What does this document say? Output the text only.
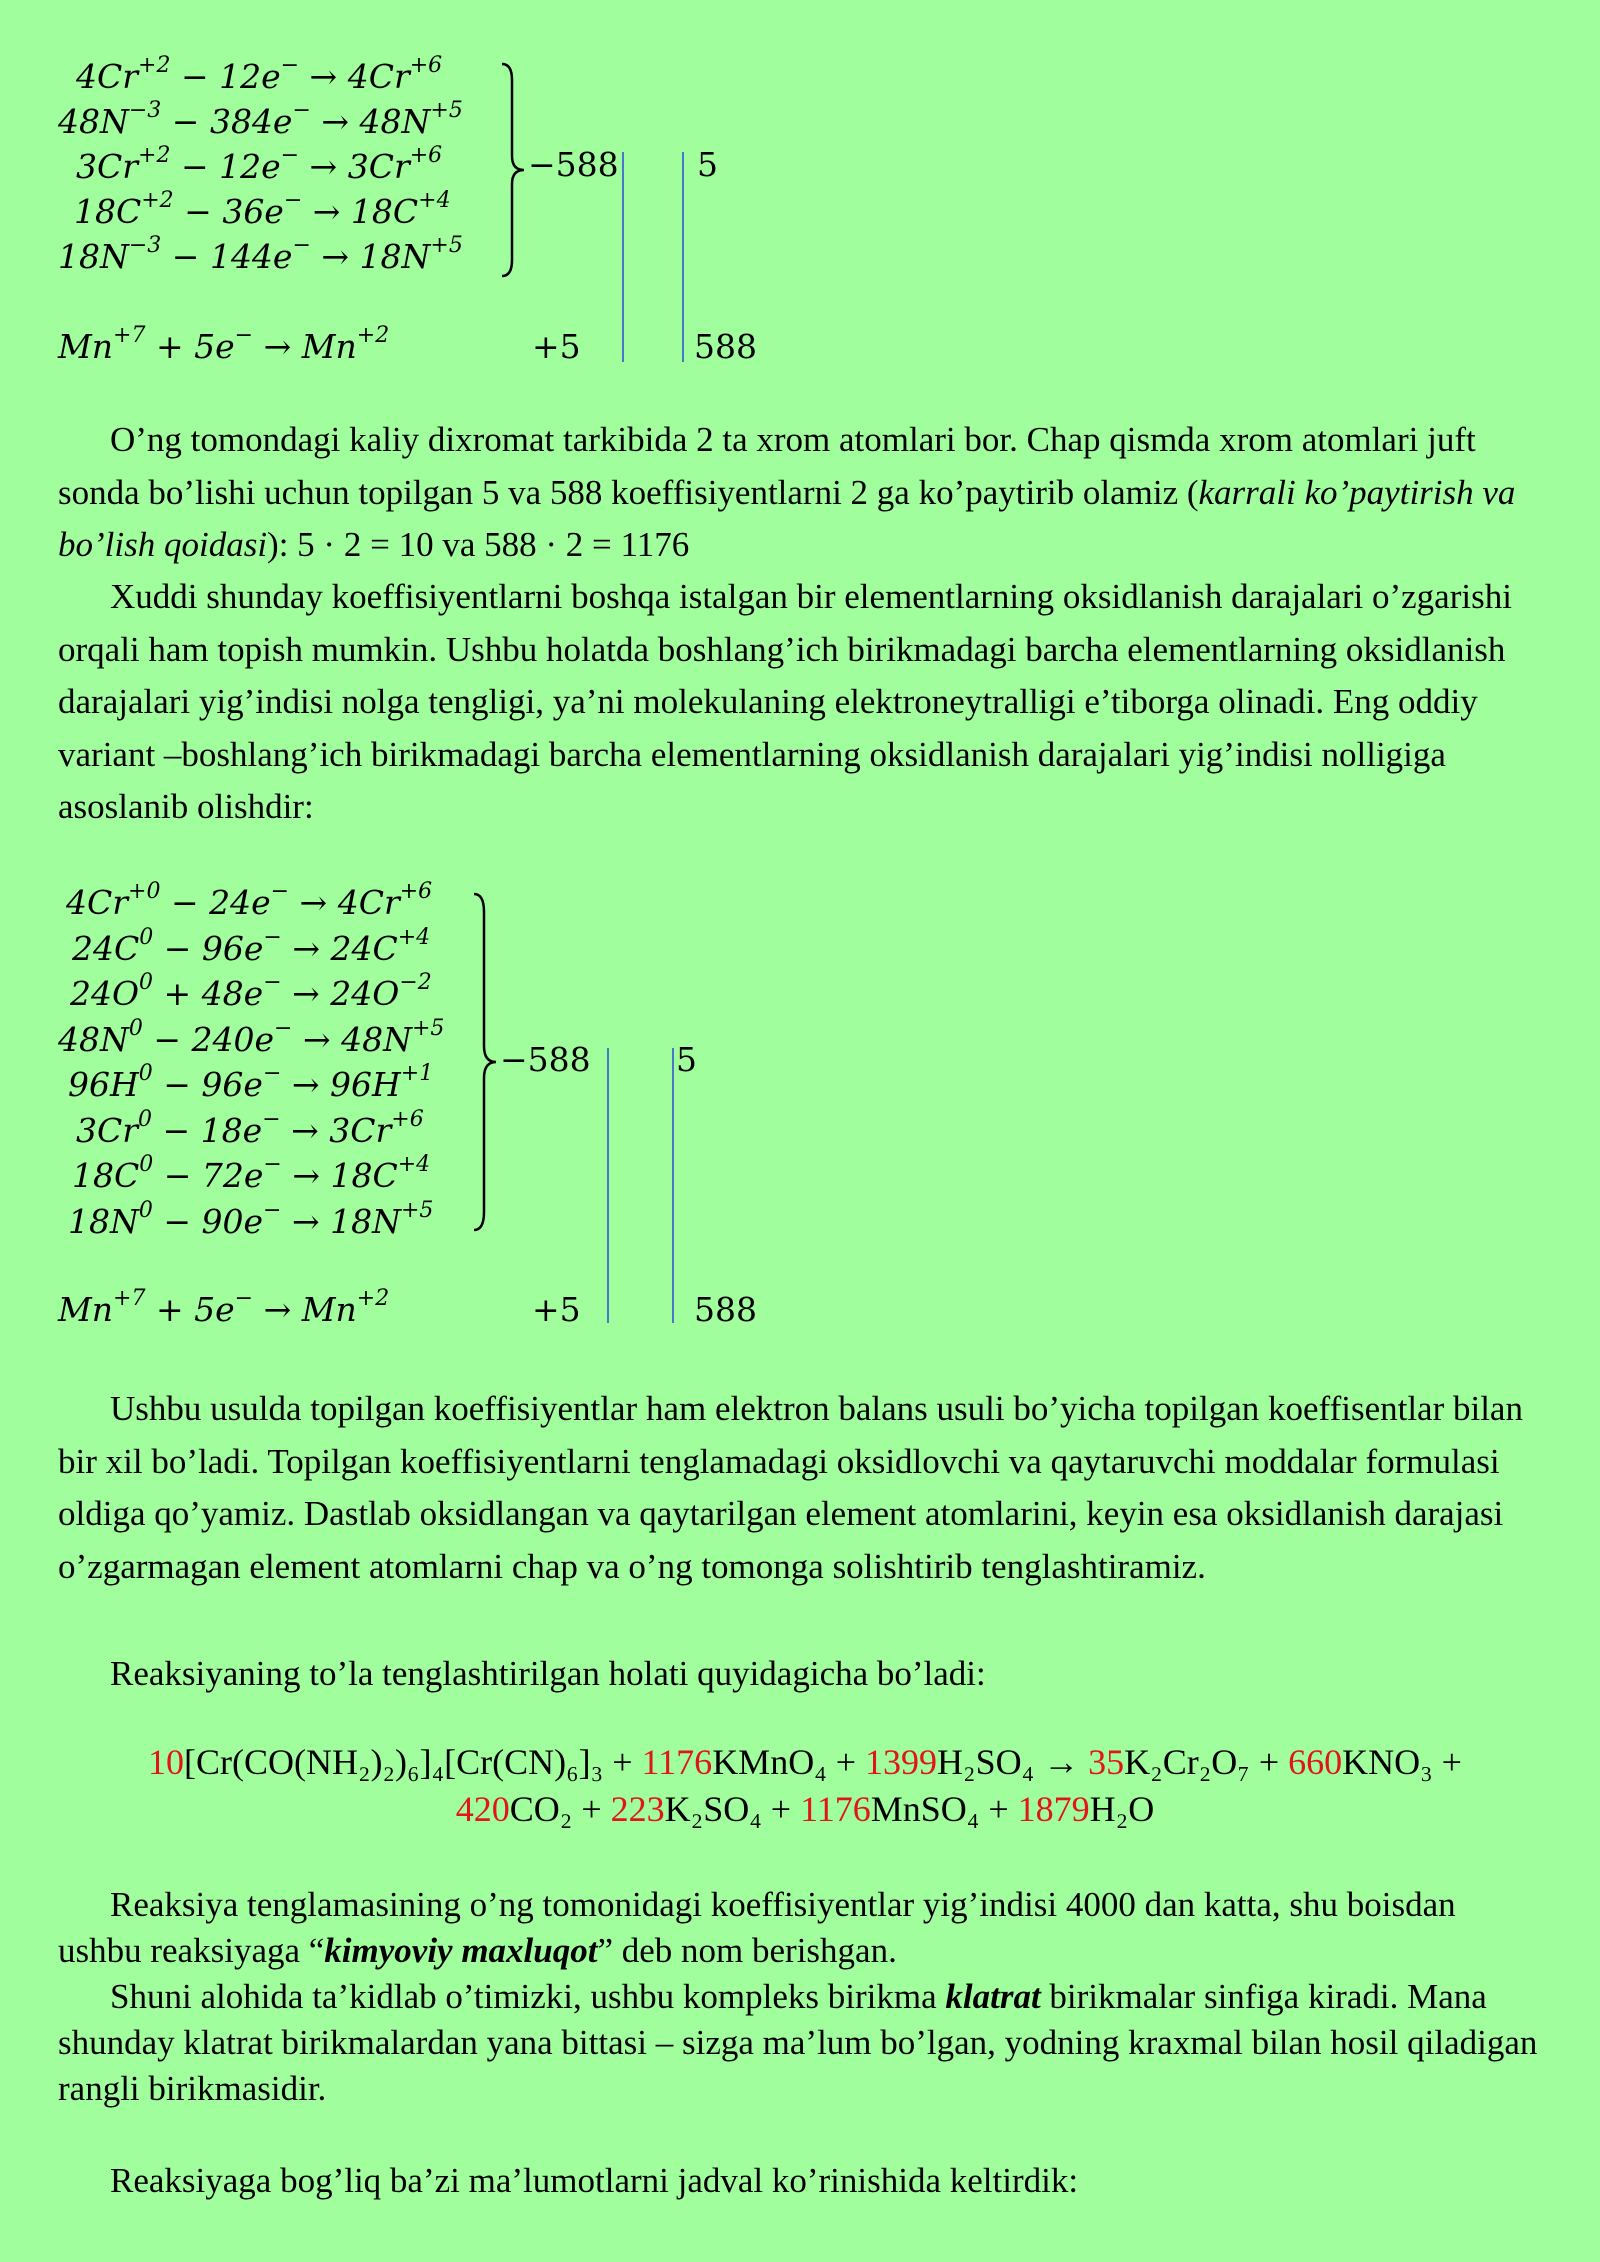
$4Cr^{+2} - 12e^- \to 4Cr^{+6}$
$48N^{-3} - 384e^- \to 48N^{+5}$
$3Cr^{+2} - 12e^- \to 3Cr^{+6}$
$18C^{+2} - 36e^- \to 18C^{+4}$
$18N^{-3} - 144e^- \to 18N^{+5}$
−588 5
$Mn^{+7} + 5e^- \to Mn^{+2}$	+5	588

O’ng tomondagi kaliy dixromat tarkibida 2 ta xrom atomlari bor. Chap qismda xrom atomlari juft sonda bo’lishi uchun topilgan 5 va 588 koeffisiyentlarni 2 ga ko’paytirib olamiz (karrali ko’paytirish va bo’lish qoidasi): 5 · 2 = 10 va 588 · 2 = 1176

Xuddi shunday koeffisiyentlarni boshqa istalgan bir elementlarning oksidlanish darajalari o’zgarishi orqali ham topish mumkin. Ushbu holatda boshlang’ich birikmadagi barcha elementlarning oksidlanish darajalari yig’indisi nolga tengligi, ya’ni molekulaning elektroneytralligi e’tiborga olinadi. Eng oddiy variant –boshlang’ich birikmadagi barcha elementlarning oksidlanish darajalari yig’indisi nolligiga asoslanib olishdir:

$4Cr^{+0} - 24e^- \to 4Cr^{+6}$
$24C^0 - 96e^- \to 24C^{+4}$
$24O^0 + 48e^- \to 24O^{-2}$
$48N^0 - 240e^- \to 48N^{+5}$
$96H^0 - 96e^- \to 96H^{+1}$
$3Cr^0 - 18e^- \to 3Cr^{+6}$
$18C^0 - 72e^- \to 18C^{+4}$
$18N^0 - 90e^- \to 18N^{+5}$
−588	5
$Mn^{+7} + 5e^- \to Mn^{+2}$	+5	588

Ushbu usulda topilgan koeffisiyentlar ham elektron balans usuli bo’yicha topilgan koeffisentlar bilan bir xil bo’ladi. Topilgan koeffisiyentlarni tenglamadagi oksidlovchi va qaytaruvchi moddalar formulasi oldiga qo’yamiz. Dastlab oksidlangan va qaytarilgan element atomlarini, keyin esa oksidlanish darajasi o’zgarmagan element atomlarni chap va o’ng tomonga solishtirib tenglashtiramiz.

Reaksiyaning to’la tenglashtirilgan holati quyidagicha bo’ladi:

10[Cr(CO(NH₂)₂)₆]₄[Cr(CN)₆]₃ + 1176KMnO₄ + 1399H₂SO₄ → 35K₂Cr₂O₇ + 660KNO₃ +
420CO₂ + 223K₂SO₄ + 1176MnSO₄ + 1879H₂O

Reaksiya tenglamasining o’ng tomonidagi koeffisiyentlar yig’indisi 4000 dan katta, shu boisdan ushbu reaksiyaga “kimyoviy maxluqot” deb nom berishgan.

Shuni alohida ta’kidlab o’timizki, ushbu kompleks birikma klatrat birikmalar sinfiga kiradi. Mana shunday klatrat birikmalardan yana bittasi – sizga ma’lum bo’lgan, yodning kraxmal bilan hosil qiladigan rangli birikmasidir.

Reaksiyaga bog’liq ba’zi ma’lumotlarni jadval ko’rinishida keltirdik:
